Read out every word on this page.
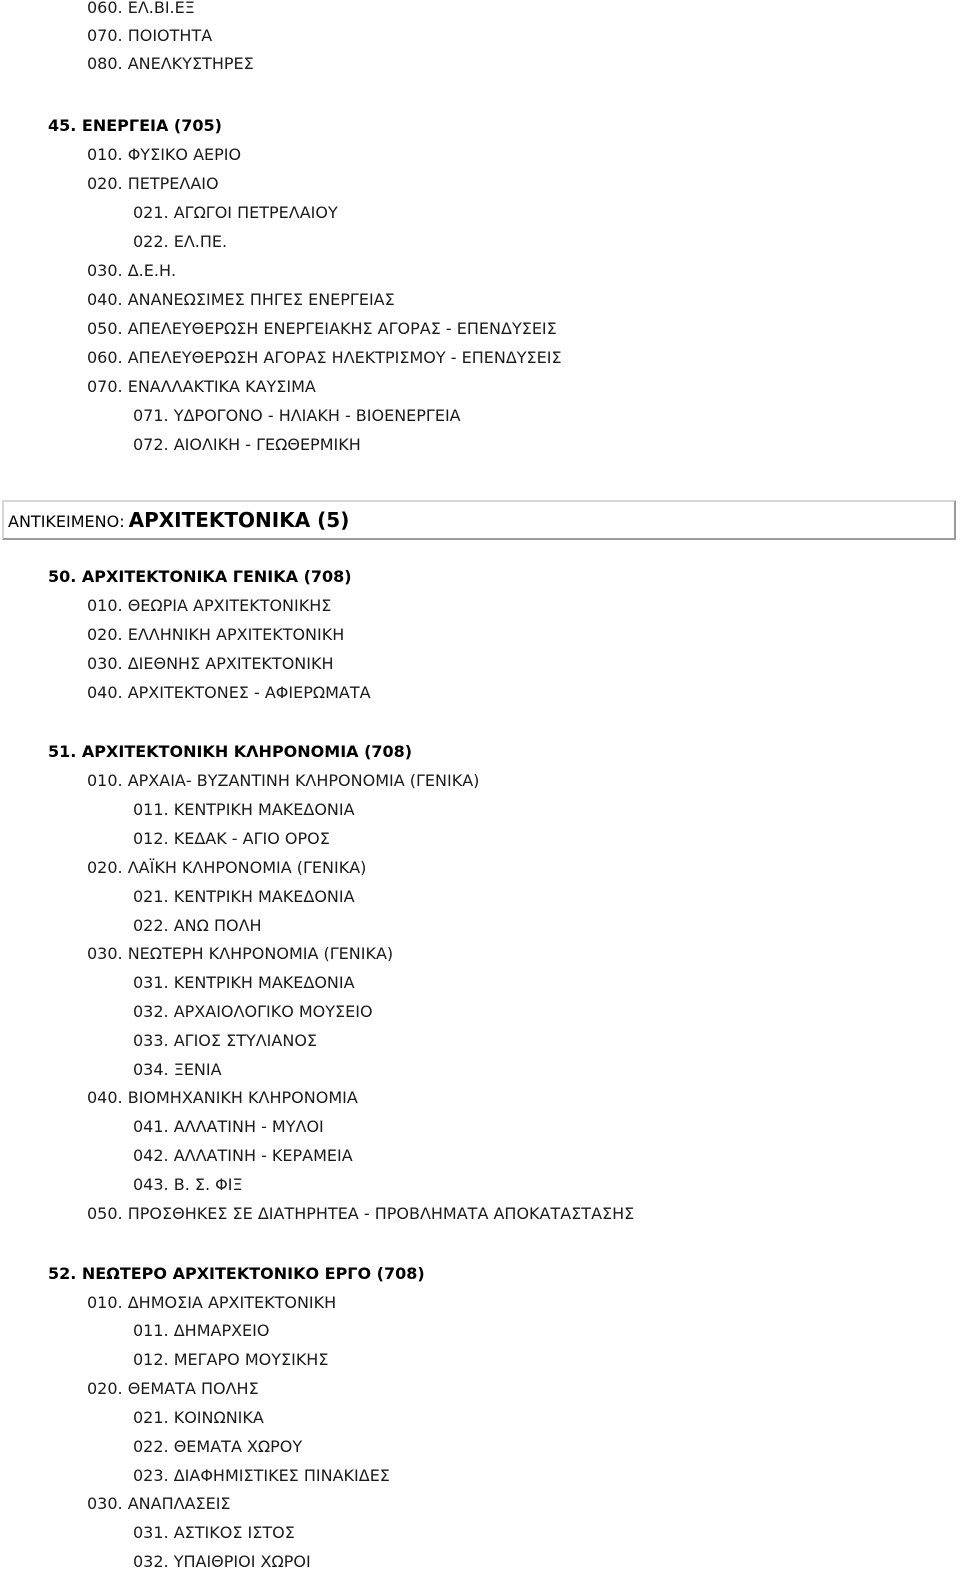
060. ΕΛ.ΒΙ.ΕΞ
070. ΠΟΙΟΤΗΤΑ
080. ΑΝΕΛΚΥΣΤΗΡΕΣ
45. ΕΝΕΡΓΕΙΑ (705)
010. ΦΥΣΙΚΟ ΑΕΡΙΟ
020. ΠΕΤΡΕΛΑΙΟ
021. ΑΓΩΓΟΙ ΠΕΤΡΕΛΑΙΟΥ
022. ΕΛ.ΠΕ.
030. Δ.Ε.Η.
040. ΑΝΑΝΕΩΣΙΜΕΣ ΠΗΓΕΣ ΕΝΕΡΓΕΙΑΣ
050. ΑΠΕΛΕΥΘΕΡΩΣΗ ΕΝΕΡΓΕΙΑΚΗΣ ΑΓΟΡΑΣ - ΕΠΕΝΔΥΣΕΙΣ
060. ΑΠΕΛΕΥΘΕΡΩΣΗ ΑΓΟΡΑΣ ΗΛΕΚΤΡΙΣΜΟΥ - ΕΠΕΝΔΥΣΕΙΣ
070. ΕΝΑΛΛΑΚΤΙΚΑ ΚΑΥΣΙΜΑ
071. ΥΔΡΟΓΟΝΟ - ΗΛΙΑΚΗ - ΒΙΟΕΝΕΡΓΕΙΑ
072. ΑΙΟΛΙΚΗ - ΓΕΩΘΕΡΜΙΚΗ
ΑΝΤΙΚΕΙΜΕΝΟ: ΑΡΧΙΤΕΚΤΟΝΙΚΑ (5)
50. ΑΡΧΙΤΕΚΤΟΝΙΚΑ ΓΕΝΙΚΑ (708)
010. ΘΕΩΡΙΑ ΑΡΧΙΤΕΚΤΟΝΙΚΗΣ
020. ΕΛΛΗΝΙΚΗ ΑΡΧΙΤΕΚΤΟΝΙΚΗ
030. ΔΙΕΘΝΗΣ ΑΡΧΙΤΕΚΤΟΝΙΚΗ
040. ΑΡΧΙΤΕΚΤΟΝΕΣ - ΑΦΙΕΡΩΜΑΤΑ
51. ΑΡΧΙΤΕΚΤΟΝΙΚΗ ΚΛΗΡΟΝΟΜΙΑ (708)
010. ΑΡΧΑΙΑ- ΒΥΖΑΝΤΙΝΗ ΚΛΗΡΟΝΟΜΙΑ (ΓΕΝΙΚΑ)
011. ΚΕΝΤΡΙΚΗ ΜΑΚΕΔΟΝΙΑ
012. ΚΕΔΑΚ - ΑΓΙΟ ΟΡΟΣ
020. ΛΑΪΚΗ ΚΛΗΡΟΝΟΜΙΑ (ΓΕΝΙΚΑ)
021. ΚΕΝΤΡΙΚΗ ΜΑΚΕΔΟΝΙΑ
022. ΑΝΩ ΠΟΛΗ
030. ΝΕΩΤΕΡΗ ΚΛΗΡΟΝΟΜΙΑ (ΓΕΝΙΚΑ)
031. ΚΕΝΤΡΙΚΗ ΜΑΚΕΔΟΝΙΑ
032. ΑΡΧΑΙΟΛΟΓΙΚΟ ΜΟΥΣΕΙΟ
033. ΑΓΙΟΣ ΣΤΥΛΙΑΝΟΣ
034. ΞΕΝΙΑ
040. ΒΙΟΜΗΧΑΝΙΚΗ ΚΛΗΡΟΝΟΜΙΑ
041. ΑΛΛΑΤΙΝΗ - ΜΥΛΟΙ
042. ΑΛΛΑΤΙΝΗ - ΚΕΡΑΜΕΙΑ
043. Β. Σ. ΦΙΞ
050. ΠΡΟΣΘΗΚΕΣ ΣΕ ΔΙΑΤΗΡΗΤΕΑ - ΠΡΟΒΛΗΜΑΤΑ ΑΠΟΚΑΤΑΣΤΑΣΗΣ
52. ΝΕΩΤΕΡΟ ΑΡΧΙΤΕΚΤΟΝΙΚΟ ΕΡΓΟ (708)
010. ΔΗΜΟΣΙΑ ΑΡΧΙΤΕΚΤΟΝΙΚΗ
011. ΔΗΜΑΡΧΕΙΟ
012. ΜΕΓΑΡΟ ΜΟΥΣΙΚΗΣ
020. ΘΕΜΑΤΑ ΠΟΛΗΣ
021. ΚΟΙΝΩΝΙΚΑ
022. ΘΕΜΑΤΑ ΧΩΡΟΥ
023. ΔΙΑΦΗΜΙΣΤΙΚΕΣ ΠΙΝΑΚΙΔΕΣ
030. ΑΝΑΠΛΑΣΕΙΣ
031. ΑΣΤΙΚΟΣ ΙΣΤΟΣ
032. ΥΠΑΙΘΡΙΟΙ ΧΩΡΟΙ
